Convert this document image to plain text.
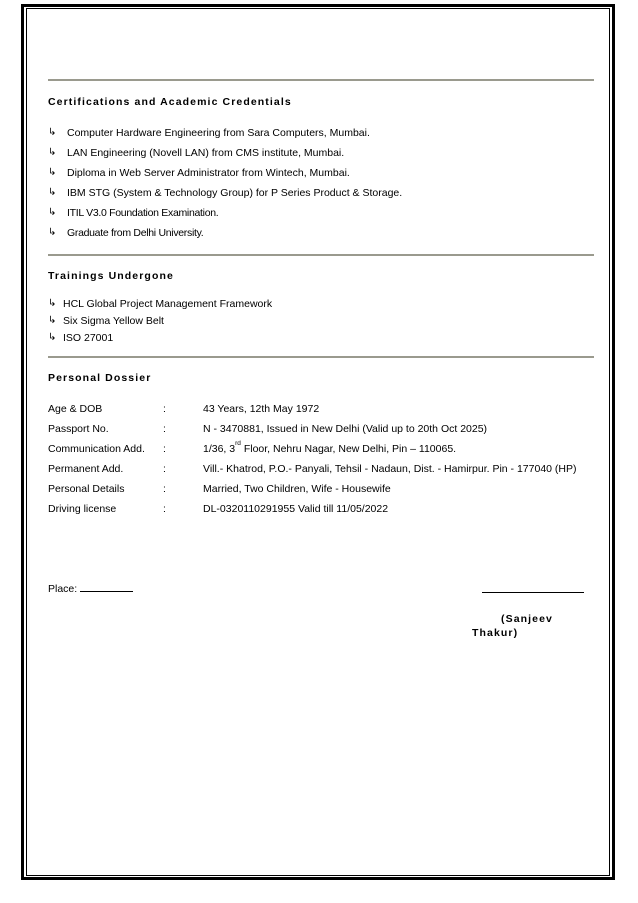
Certifications and Academic Credentials
↳ Computer Hardware Engineering from Sara Computers, Mumbai.
↳ LAN Engineering (Novell LAN) from CMS institute, Mumbai.
↳ Diploma in Web Server Administrator from Wintech, Mumbai.
↳ IBM STG (System & Technology Group) for P Series Product & Storage.
↳ ITIL V3.0 Foundation Examination.
↳ Graduate from Delhi University.
Trainings Undergone
↳ HCL Global Project Management Framework
↳ Six Sigma Yellow Belt
↳ ISO 27001
Personal Dossier
Age & DOB	:	43 Years, 12th May 1972
Passport No.	:	N - 3470881, Issued in New Delhi (Valid up to 20th Oct 2025)
Communication Add. :	1/36, 3rd Floor, Nehru Nagar, New Delhi, Pin – 110065.
Permanent Add.	:	Vill.- Khatrod, P.O.- Panyali, Tehsil - Nadaun, Dist. - Hamirpur. Pin - 177040 (HP)
Personal Details	:	Married, Two Children, Wife - Housewife
Driving license	:	DL-0320110291955 Valid till 11/05/2022
Place:
(Sanjeev
Thakur)
